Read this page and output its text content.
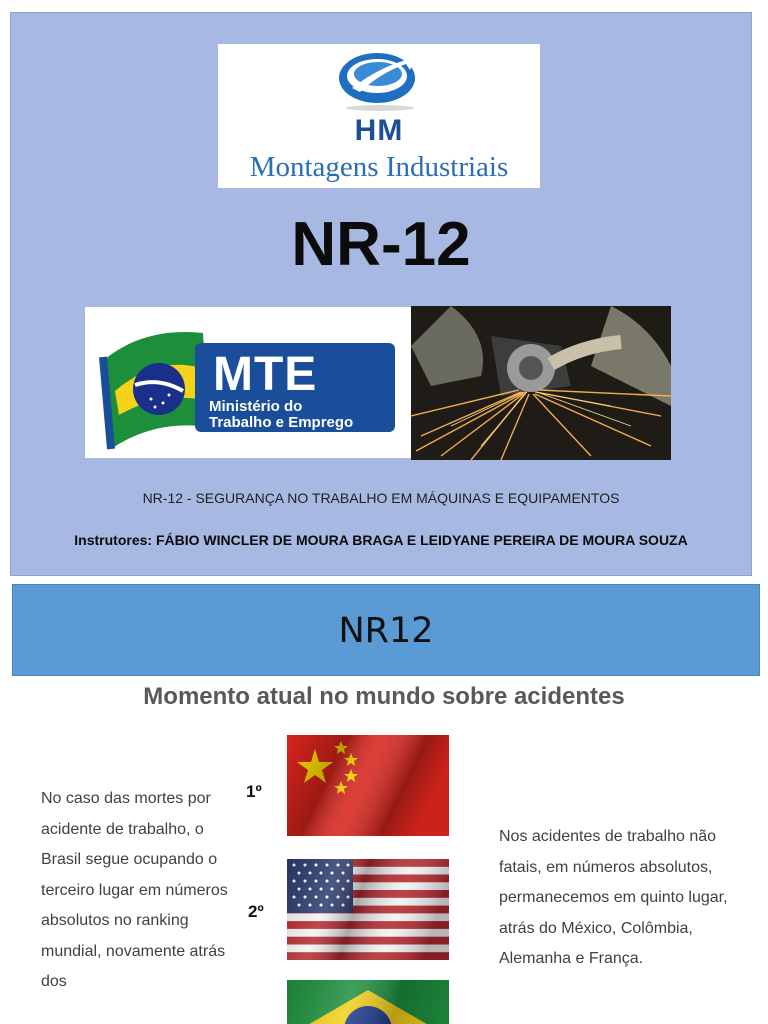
HM
Montagens Industriais
NR-12
MTE
Ministério do
Trabalho e Emprego
NR-12 - SEGURANÇA NO TRABALHO EM MÁQUINAS E EQUIPAMENTOS
Instrutores: FÁBIO WINCLER DE MOURA BRAGA E LEIDYANE PEREIRA DE MOURA SOUZA
NR12
Momento atual no mundo sobre acidentes
No caso das mortes por acidente de trabalho, o Brasil segue ocupando o terceiro lugar em números absolutos no ranking mundial, novamente atrás dos
1º
2º
Nos acidentes de trabalho não fatais, em números absolutos, permanecemos em quinto lugar, atrás do México, Colômbia, Alemanha e França.
